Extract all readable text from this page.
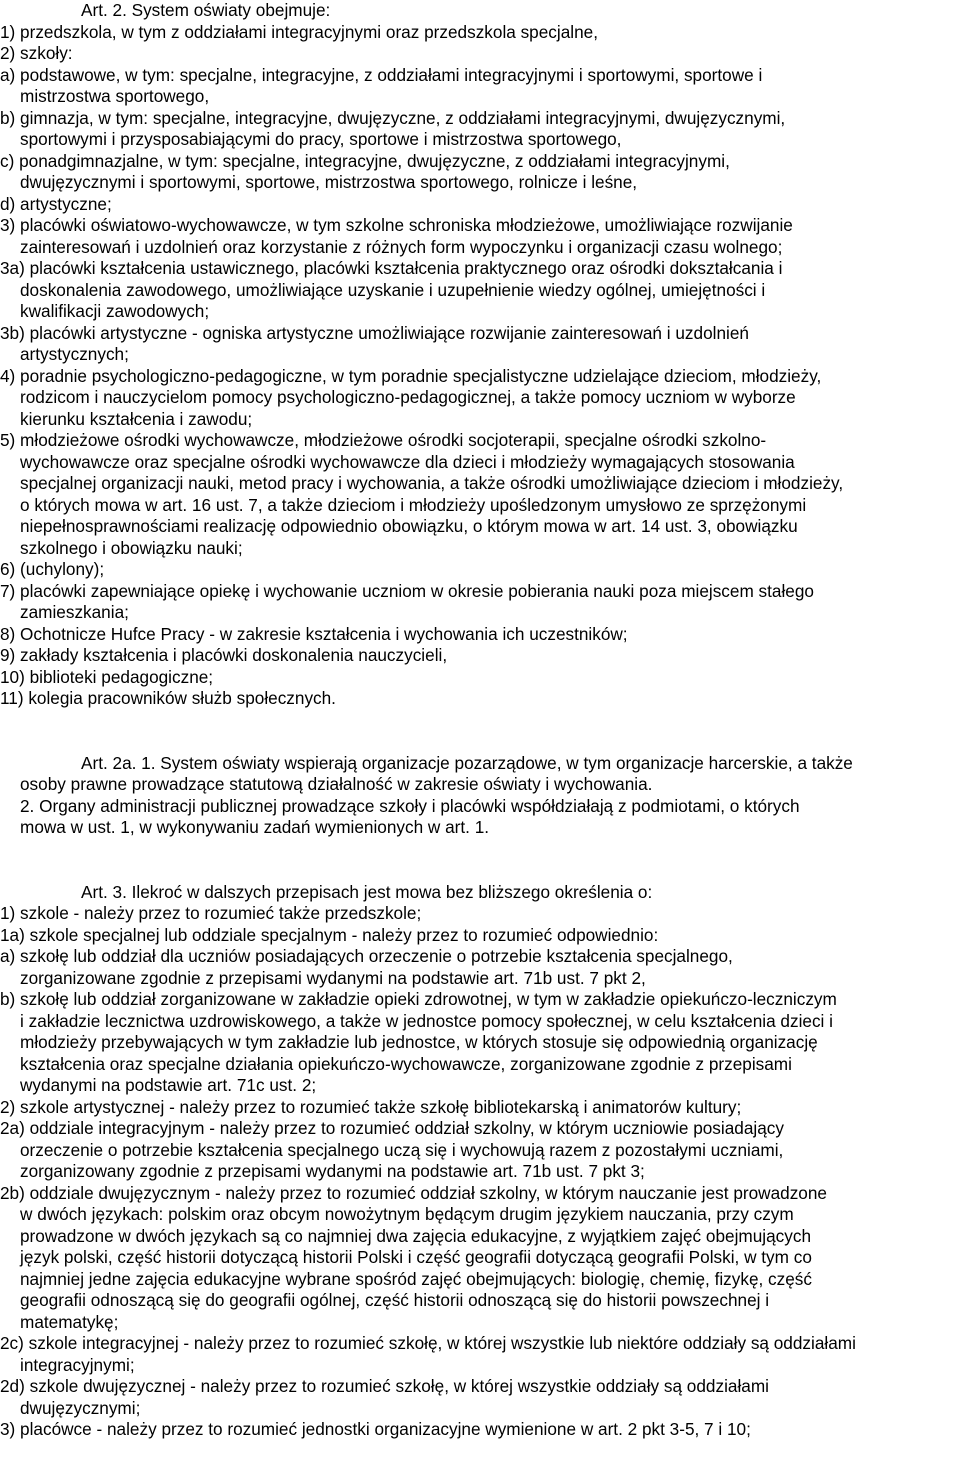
Art. 2. System oświaty obejmuje:

1) przedszkola, w tym z oddziałami integracyjnymi oraz przedszkola specjalne,

2) szkoły:

a) podstawowe, w tym: specjalne, integracyjne, z oddziałami integracyjnymi i sportowymi, sportowe i

mistrzostwa sportowego,

b) gimnazja, w tym: specjalne, integracyjne, dwujęzyczne, z oddziałami integracyjnymi, dwujęzycznymi,

sportowymi i przysposabiającymi do pracy, sportowe i mistrzostwa sportowego,

c) ponadgimnazjalne, w tym: specjalne, integracyjne, dwujęzyczne, z oddziałami integracyjnymi,

dwujęzycznymi i sportowymi, sportowe, mistrzostwa sportowego, rolnicze i leśne,

d) artystyczne;

3) placówki oświatowo-wychowawcze, w tym szkolne schroniska młodzieżowe, umożliwiające rozwijanie

zainteresowań i uzdolnień oraz korzystanie z różnych form wypoczynku i organizacji czasu wolnego;

3a) placówki kształcenia ustawicznego, placówki kształcenia praktycznego oraz ośrodki dokształcania i

doskonalenia zawodowego, umożliwiające uzyskanie i uzupełnienie wiedzy ogólnej, umiejętności i

kwalifikacji zawodowych;

3b) placówki artystyczne - ogniska artystyczne umożliwiające rozwijanie zainteresowań i uzdolnień

artystycznych;

4) poradnie psychologiczno-pedagogiczne, w tym poradnie specjalistyczne udzielające dzieciom, młodzieży,

rodzicom i nauczycielom pomocy psychologiczno-pedagogicznej, a także pomocy uczniom w wyborze

kierunku kształcenia i zawodu;

5) młodzieżowe ośrodki wychowawcze, młodzieżowe ośrodki socjoterapii, specjalne ośrodki szkolno-

wychowawcze oraz specjalne ośrodki wychowawcze dla dzieci i młodzieży wymagających stosowania

specjalnej organizacji nauki, metod pracy i wychowania, a także ośrodki umożliwiające dzieciom i młodzieży,

o których mowa w art. 16 ust. 7, a także dzieciom i młodzieży upośledzonym umysłowo ze sprzężonymi

niepełnosprawnościami realizację odpowiednio obowiązku, o którym mowa w art. 14 ust. 3, obowiązku

szkolnego i obowiązku nauki;

6) (uchylony);

7) placówki zapewniające opiekę i wychowanie uczniom w okresie pobierania nauki poza miejscem stałego

zamieszkania;

8) Ochotnicze Hufce Pracy - w zakresie kształcenia i wychowania ich uczestników;

9) zakłady kształcenia i placówki doskonalenia nauczycieli,

10) biblioteki pedagogiczne;

11) kolegia pracowników służb społecznych.

Art. 2a. 1. System oświaty wspierają organizacje pozarządowe, w tym organizacje harcerskie, a także

osoby prawne prowadzące statutową działalność w zakresie oświaty i wychowania.

2. Organy administracji publicznej prowadzące szkoły i placówki współdziałają z podmiotami, o których

mowa w ust. 1, w wykonywaniu zadań wymienionych w art. 1.

Art. 3. Ilekroć w dalszych przepisach jest mowa bez bliższego określenia o:

1) szkole - należy przez to rozumieć także przedszkole;

1a) szkole specjalnej lub oddziale specjalnym - należy przez to rozumieć odpowiednio:

a) szkołę lub oddział dla uczniów posiadających orzeczenie o potrzebie kształcenia specjalnego,

zorganizowane zgodnie z przepisami wydanymi na podstawie art. 71b ust. 7 pkt 2,

b) szkołę lub oddział zorganizowane w zakładzie opieki zdrowotnej, w tym w zakładzie opiekuńczo-leczniczym

i zakładzie lecznictwa uzdrowiskowego, a także w jednostce pomocy społecznej, w celu kształcenia dzieci i

młodzieży przebywających w tym zakładzie lub jednostce, w których stosuje się odpowiednią organizację

kształcenia oraz specjalne działania opiekuńczo-wychowawcze, zorganizowane zgodnie z przepisami

wydanymi na podstawie art. 71c ust. 2;

2) szkole artystycznej - należy przez to rozumieć także szkołę bibliotekarską i animatorów kultury;

2a) oddziale integracyjnym - należy przez to rozumieć oddział szkolny, w którym uczniowie posiadający

orzeczenie o potrzebie kształcenia specjalnego uczą się i wychowują razem z pozostałymi uczniami,

zorganizowany zgodnie z przepisami wydanymi na podstawie art. 71b ust. 7 pkt 3;

2b) oddziale dwujęzycznym - należy przez to rozumieć oddział szkolny, w którym nauczanie jest prowadzone

w dwóch językach: polskim oraz obcym nowożytnym będącym drugim językiem nauczania, przy czym

prowadzone w dwóch językach są co najmniej dwa zajęcia edukacyjne, z wyjątkiem zajęć obejmujących

język polski, część historii dotyczącą historii Polski i część geografii dotyczącą geografii Polski, w tym co

najmniej jedne zajęcia edukacyjne wybrane spośród zajęć obejmujących: biologię, chemię, fizykę, część

geografii odnoszącą się do geografii ogólnej, część historii odnoszącą się do historii powszechnej i

matematykę;

2c) szkole integracyjnej - należy przez to rozumieć szkołę, w której wszystkie lub niektóre oddziały są oddziałami

integracyjnymi;

2d) szkole dwujęzycznej - należy przez to rozumieć szkołę, w której wszystkie oddziały są oddziałami

dwujęzycznymi;

3) placówce - należy przez to rozumieć jednostki organizacyjne wymienione w art. 2 pkt 3-5, 7 i 10;
